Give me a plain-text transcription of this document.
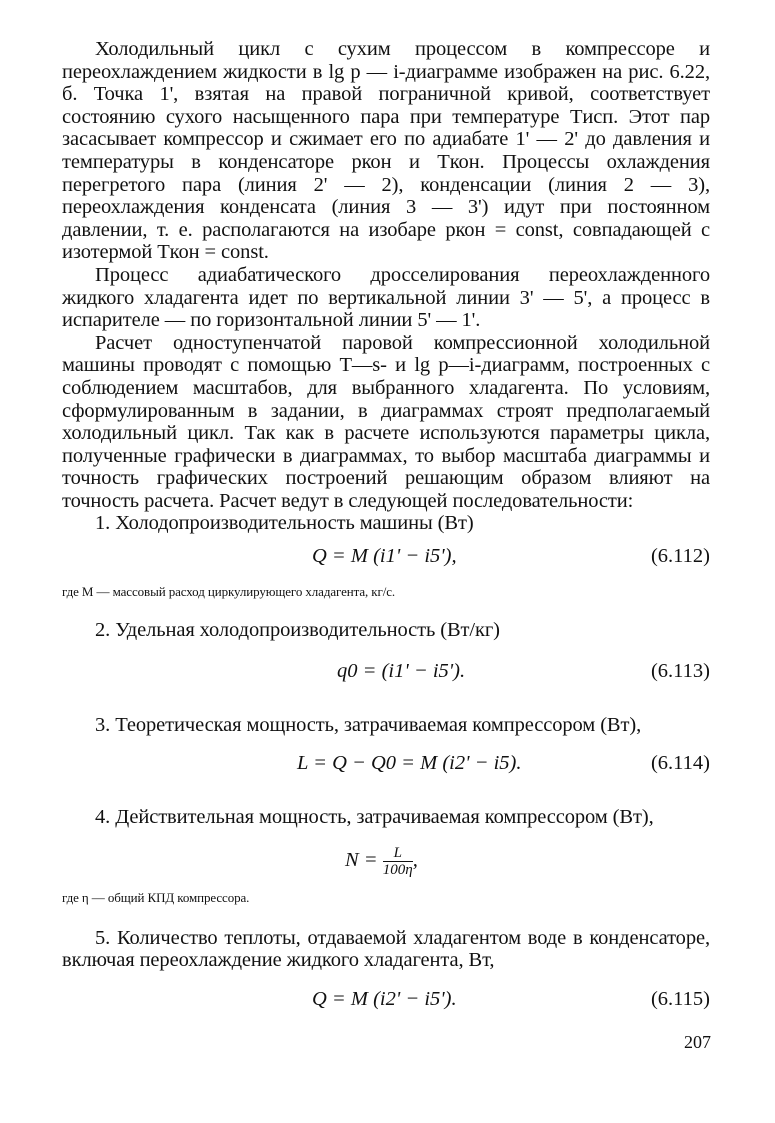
Холодильный цикл с сухим процессом в компрессоре и переохлаждением жидкости в lg p — i-диаграмме изображен на рис. 6.22, б. Точка 1', взятая на правой пограничной кривой, соответствует состоянию сухого насыщенного пара при температуре Tисп. Этот пар засасывает компрессор и сжимает его по адиабате 1' — 2' до давления и температуры в конденсаторе pкон и Tкон. Процессы охлаждения перегретого пара (линия 2' — 2), конденсации (линия 2 — 3), переохлаждения конденсата (линия 3 — 3') идут при постоянном давлении, т. е. располагаются на изобаре pкон = const, совпадающей с изотермой Tкон = const.

Процесс адиабатического дросселирования переохлажденного жидкого хладагента идет по вертикальной линии 3' — 5', а процесс в испарителе — по горизонтальной линии 5' — 1'.

Расчет одноступенчатой паровой компрессионной холодильной машины проводят с помощью T—s- и lg p—i-диаграмм, построенных с соблюдением масштабов, для выбранного хладагента. По условиям, сформулированным в задании, в диаграммах строят предполагаемый холодильный цикл. Так как в расчете используются параметры цикла, полученные графически в диаграммах, то выбор масштаба диаграммы и точность графических построений решающим образом влияют на точность расчета. Расчет ведут в следующей последовательности:

1. Холодопроизводительность машины (Вт)

Q = M (i1' − i5'),	(6.112)

где M — массовый расход циркулирующего хладагента, кг/с.

2. Удельная холодопроизводительность (Вт/кг)

q0 = (i1' − i5').	(6.113)

3. Теоретическая мощность, затрачиваемая компрессором (Вт),

L = Q − Q0 = M (i2' − i5).	(6.114)

4. Действительная мощность, затрачиваемая компрессором (Вт),

$N = \frac{L}{100\eta}$ ,

где η — общий КПД компрессора.

5. Количество теплоты, отдаваемой хладагентом воде в конденсаторе, включая переохлаждение жидкого хладагента, Вт,

Q = M (i2' − i5').	(6.115)
207
